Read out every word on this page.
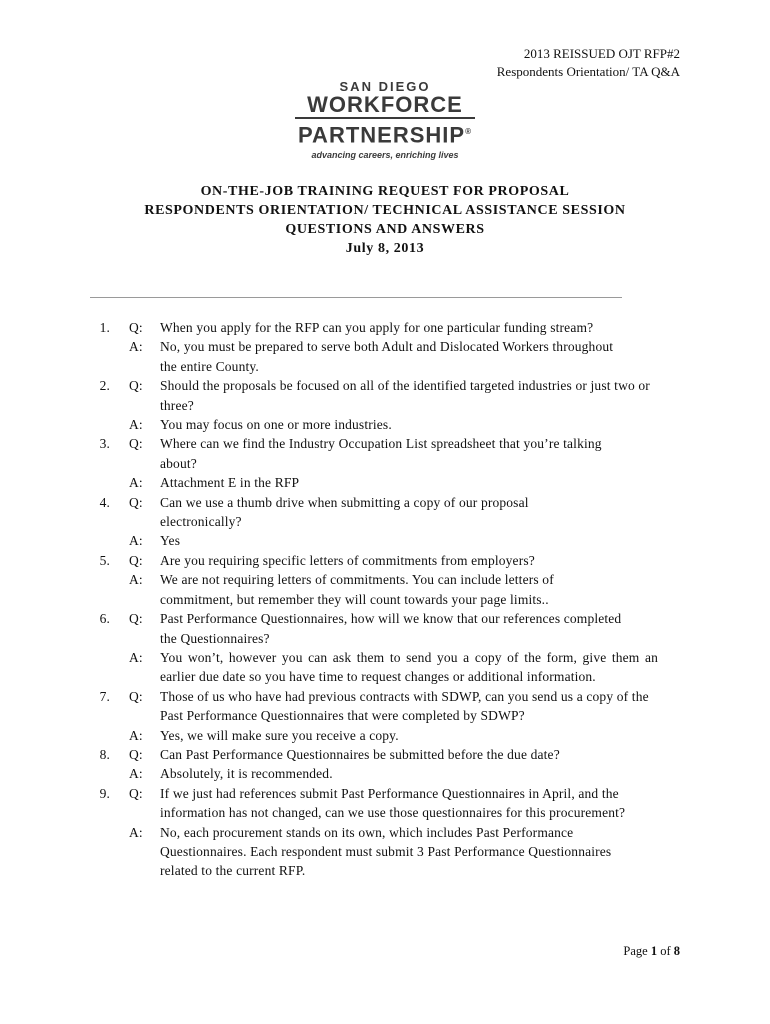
2013 REISSUED OJT RFP#2
Respondents Orientation/ TA Q&A
SAN DIEGO
WORKFORCE
PARTNERSHIP®
advancing careers, enriching lives
ON-THE-JOB TRAINING REQUEST FOR PROPOSAL
RESPONDENTS ORIENTATION/ TECHNICAL ASSISTANCE SESSION
QUESTIONS AND ANSWERS
July 8, 2013
1. Q: When you apply for the RFP can you apply for one particular funding stream?
A: No, you must be prepared to serve both Adult and Dislocated Workers throughout the entire County.
2. Q: Should the proposals be focused on all of the identified targeted industries or just two or three?
A: You may focus on one or more industries.
3. Q: Where can we find the Industry Occupation List spreadsheet that you’re talking about?
A: Attachment E in the RFP
4. Q: Can we use a thumb drive when submitting a copy of our proposal electronically?
A: Yes
5. Q: Are you requiring specific letters of commitments from employers?
A: We are not requiring letters of commitments. You can include letters of commitment, but remember they will count towards your page limits..
6. Q: Past Performance Questionnaires, how will we know that our references completed the Questionnaires?
A: You won’t, however you can ask them to send you a copy of the form, give them an earlier due date so you have time to request changes or additional information.
7. Q: Those of us who have had previous contracts with SDWP, can you send us a copy of the Past Performance Questionnaires that were completed by SDWP?
A: Yes, we will make sure you receive a copy.
8. Q: Can Past Performance Questionnaires be submitted before the due date?
A: Absolutely, it is recommended.
9. Q: If we just had references submit Past Performance Questionnaires in April, and the information has not changed, can we use those questionnaires for this procurement?
A: No, each procurement stands on its own, which includes Past Performance Questionnaires. Each respondent must submit 3 Past Performance Questionnaires related to the current RFP.
Page 1 of 8
